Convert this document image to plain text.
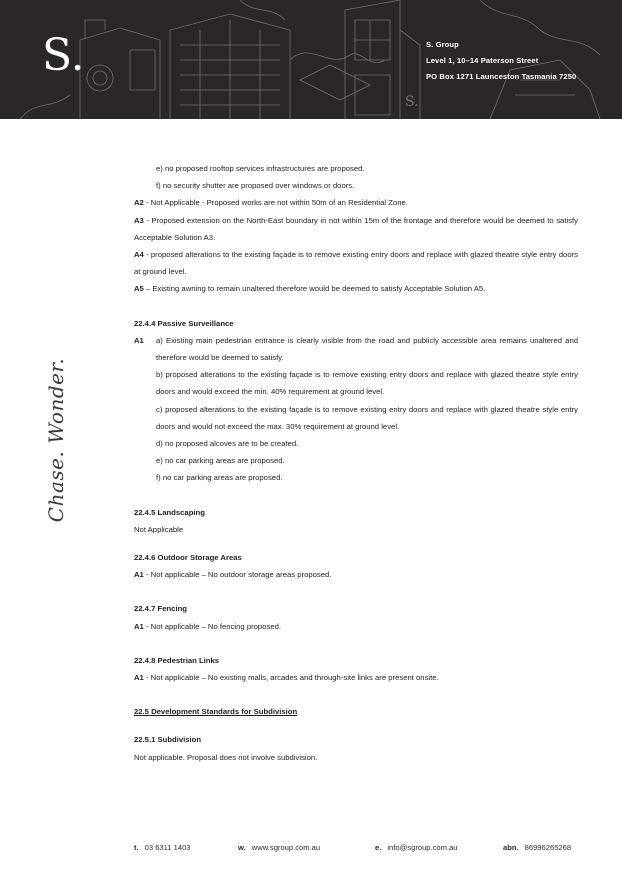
S.
S.	S. Group
Level 1, 10–14 Paterson Street
PO Box 1271 Launceston Tasmania 7250
Chase. Wonder.

e) no proposed rooftop services infrastructures are proposed.

f) no security shutter are proposed over windows or doors.

A2 - Not Applicable - Proposed works are not within 50m of an Residential Zone.

A3 - Proposed extension on the North-East boundary in not within 15m of the frontage and therefore would be deemed to satisfy Acceptable Solution A3.

A4 - proposed alterations to the existing façade is to remove existing entry doors and replace with glazed theatre style entry doors at ground level.

A5 – Existing awning to remain unaltered therefore would be deemed to satisfy Acceptable Solution A5.

22.4.4 Passive Surveillance

A1	a) Existing main pedestrian entrance is clearly visible from the road and publicly accessible area remains unaltered and therefore would be deemed to satisfy.

b) proposed alterations to the existing façade is to remove existing entry doors and replace with glazed theatre style entry doors and would exceed the min. 40% requirement at ground level.

c) proposed alterations to the existing façade is to remove existing entry doors and replace with glazed theatre style entry doors and would not exceed the max. 30% requirement at ground level.

d) no proposed alcoves are to be created.

e) no car parking areas are proposed.

f) no car parking areas are proposed.

22.4.5 Landscaping

Not Applicable

22.4.6 Outdoor Storage Areas

A1 - Not applicable – No outdoor storage areas proposed.

22.4.7 Fencing

A1 - Not applicable – No fencing proposed.

22.4.8 Pedestrian Links

A1 - Not applicable – No existing malls, arcades and through-site links are present onsite.

22.5 Development Standards for Subdivision

22.5.1 Subdivision

Not applicable. Proposal does not involve subdivision.

t. 03 6311 1403	w. www.sgroup.com.au	e. info@sgroup.com.au	abn. 86996265268
